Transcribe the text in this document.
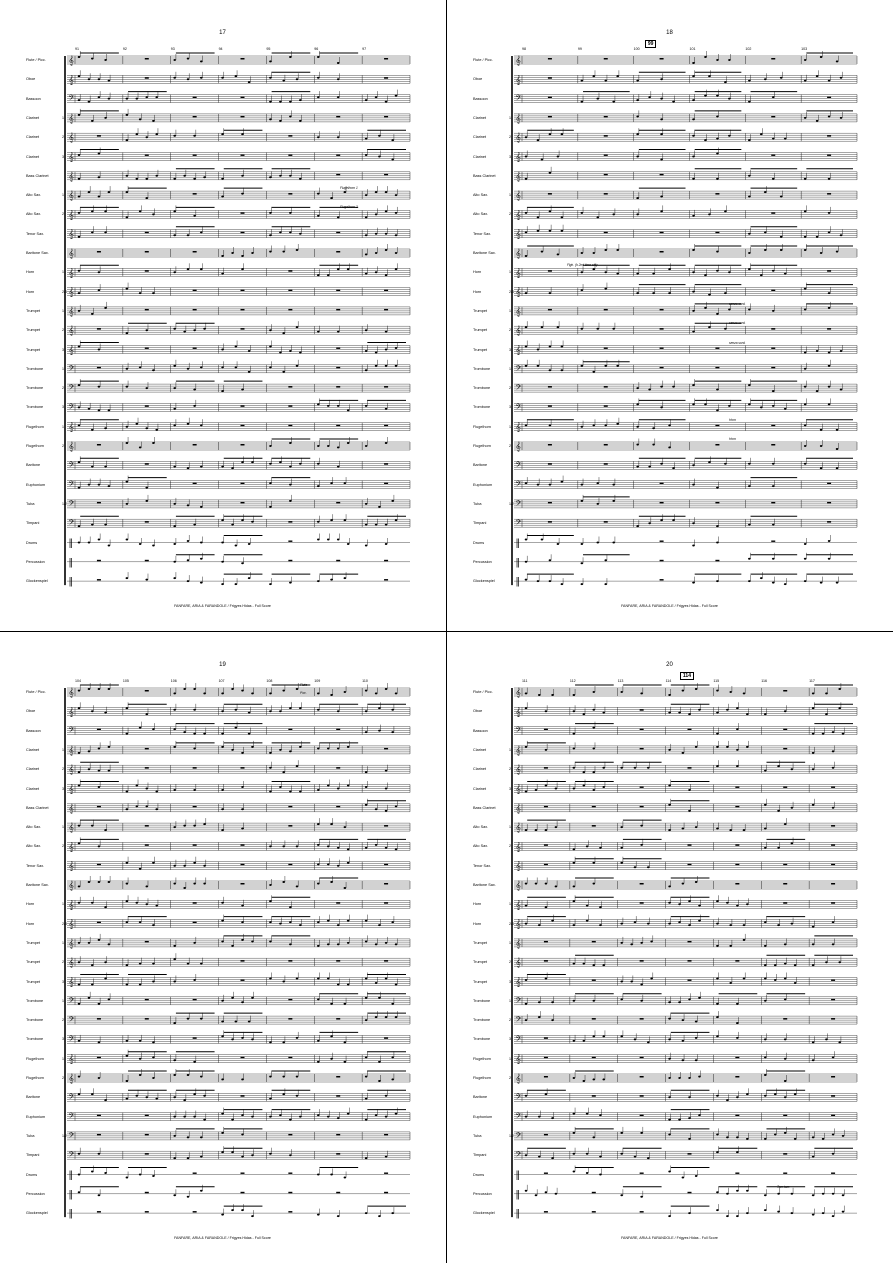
17
FANFARE, ARIA & FARANDOLE / Frigyes Hidas - Full Score
𝄞
𝄞
𝄢
𝄞
𝄞
𝄞
𝄞
𝄞
𝄞
𝄞
𝄞
𝄞
𝄞
𝄞
𝄞
𝄞
𝄢
𝄢
𝄢
𝄞
𝄞
𝄢
𝄢
𝄢
𝄢
‖
‖
‖
91	92	93	94	95	96	97
Flute / Picc.
Oboe
Bassoon
Clarinet	1
Clarinet	2
Clarinet	3
Bass Clarinet
Alto Sax.	1
Alto Sax.	2
Tenor Sax.
Baritone Sax.
Horn	1
Horn	2/3
Trumpet	1
Trumpet	2
Trumpet	3
Trombone	1
Trombone	2
Trombone	3
Flugelhorn	1
Flugelhorn	2
Baritone
Euphonium
Tuba	1/2
Timpani
Drums
Percussion
Glockenspiel
Flugelhorn 1
Flugelhorn 2
18
FANFARE, ARIA & FARANDOLE / Frigyes Hidas - Full Score
𝄞
𝄞
𝄢
𝄞
𝄞
𝄞
𝄞
𝄞
𝄞
𝄞
𝄞
𝄞
𝄞
𝄞
𝄞
𝄞
𝄢
𝄢
𝄢
𝄞
𝄞
𝄢
𝄢
𝄢
𝄢
‖
‖
‖
98	99	100	101	102	103
Flute / Picc.
Oboe
Bassoon
Clarinet	1
Clarinet	2
Clarinet	3
Bass Clarinet
Alto Sax.	1
Alto Sax.	2
Tenor Sax.
Baritone Sax.
Horn	1
Horn	2/3
Trumpet	1
Trumpet	2
Trumpet	3
Trombone	1
Trombone	2
Trombone	3
Flugelhorn	1
Flugelhorn	2
Baritone
Euphonium
Tuba	1/2
Timpani
Drums
Percussion
Glockenspiel
99
Flgh. (h.2nd time only
senza sord.
senza sord.
senza sord.
Horn
Horn
19
FANFARE, ARIA & FARANDOLE / Frigyes Hidas - Full Score
𝄞
𝄞
𝄢
𝄞
𝄞
𝄞
𝄞
𝄞
𝄞
𝄞
𝄞
𝄞
𝄞
𝄞
𝄞
𝄞
𝄢
𝄢
𝄢
𝄞
𝄞
𝄢
𝄢
𝄢
𝄢
‖
‖
‖
104	105	106	107	108	109	110
Flute / Picc.
Oboe
Bassoon
Clarinet	1
Clarinet	2
Clarinet	3
Bass Clarinet
Alto Sax.	1
Alto Sax.	2
Tenor Sax.
Baritone Sax.
Horn	1
Horn	2/3
Trumpet	1
Trumpet	2
Trumpet	3
Trombone	1
Trombone	2
Trombone	3
Flugelhorn	1
Flugelhorn	2
Baritone
Euphonium
Tuba	1/2
Timpani
Drums
Percussion
Glockenspiel
Flute
Picc.
20
FANFARE, ARIA & FARANDOLE / Frigyes Hidas - Full Score
𝄞
𝄞
𝄢
𝄞
𝄞
𝄞
𝄞
𝄞
𝄞
𝄞
𝄞
𝄞
𝄞
𝄞
𝄞
𝄞
𝄢
𝄢
𝄢
𝄞
𝄞
𝄢
𝄢
𝄢
𝄢
‖
‖
‖
111	112	113	114	115	116	117
Flute / Picc.
Oboe
Bassoon
Clarinet	1
Clarinet	2
Clarinet	3
Bass Clarinet
Alto Sax.	1
Alto Sax.	2
Tenor Sax.
Baritone Sax.
Horn	1
Horn	2/3
Trumpet	1
Trumpet	2
Trumpet	3
Trombone	1
Trombone	2
Trombone	3
Flugelhorn	1
Flugelhorn	2
Baritone
Euphonium
Tuba	1/2
Timpani
Drums
Percussion
Glockenspiel
114
Tam-tam
